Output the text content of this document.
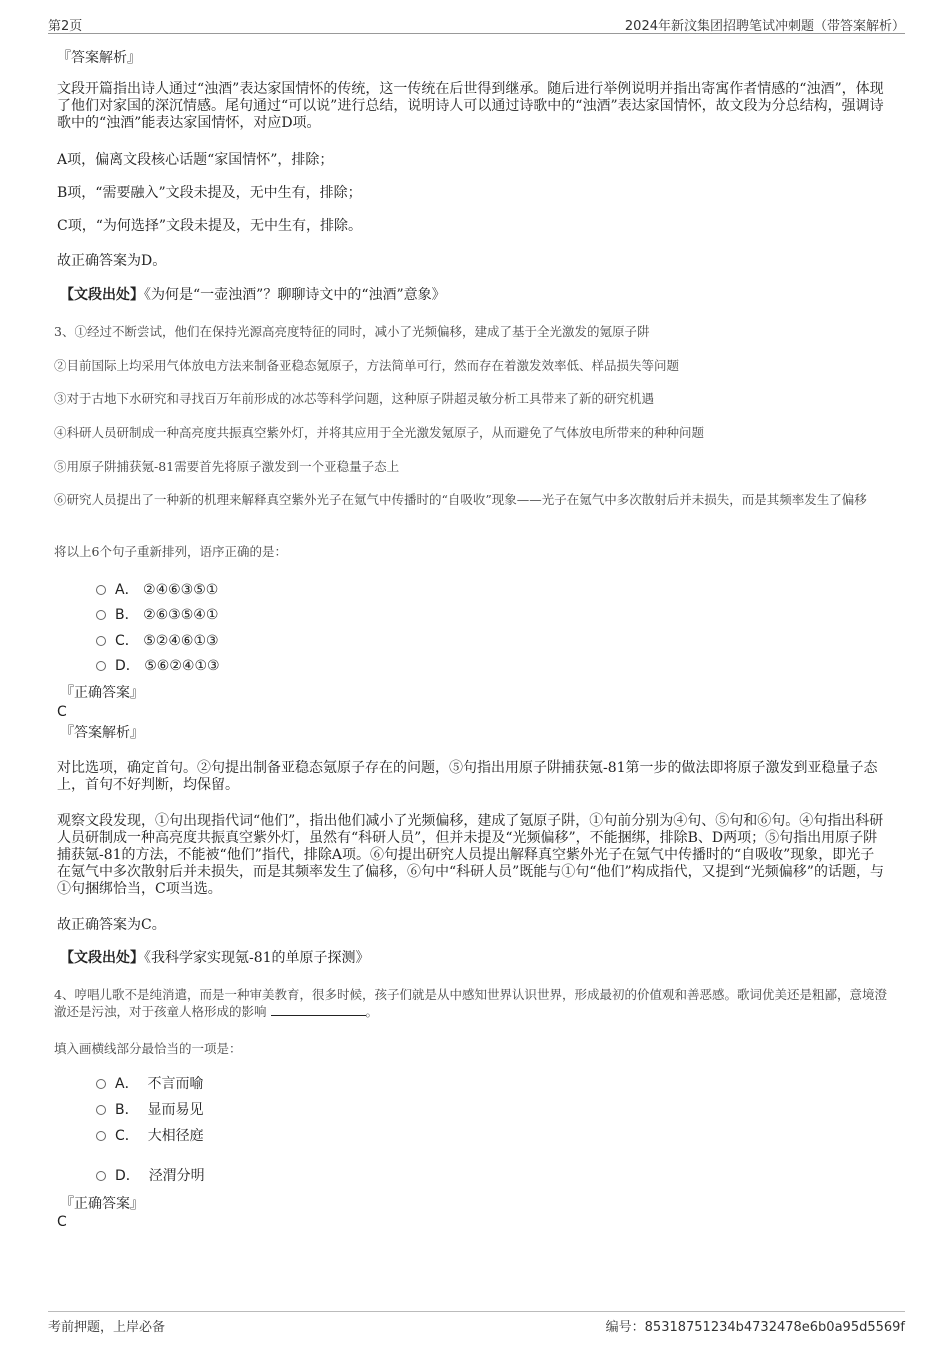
第2页	2024年新汶集团招聘笔试冲刺题（带答案解析）
『答案解析』
文段开篇指出诗人通过“浊酒”表达家国情怀的传统，这一传统在后世得到继承。随后进行举例说明并指出寄寓作者情感的“浊酒”，体现了他们对家国的深沉情感。尾句通过“可以说”进行总结，说明诗人可以通过诗歌中的“浊酒”表达家国情怀，故文段为分总结构，强调诗歌中的“浊酒”能表达家国情怀，对应D项。
A项，偏离文段核心话题“家国情怀”，排除；
B项，“需要融入”文段未提及，无中生有，排除；
C项，“为何选择”文段未提及，无中生有，排除。
故正确答案为D。
【文段出处】《为何是“一壶浊酒”？聊聊诗文中的“浊酒”意象》
3、①经过不断尝试，他们在保持光源高亮度特征的同时，减小了光频偏移，建成了基于全光激发的氪原子阱
②目前国际上均采用气体放电方法来制备亚稳态氪原子，方法简单可行，然而存在着激发效率低、样品损失等问题
③对于古地下水研究和寻找百万年前形成的冰芯等科学问题，这种原子阱超灵敏分析工具带来了新的研究机遇
④科研人员研制成一种高亮度共振真空紫外灯，并将其应用于全光激发氪原子，从而避免了气体放电所带来的种种问题
⑤用原子阱捕获氪-81需要首先将原子激发到一个亚稳量子态上
⑥研究人员提出了一种新的机理来解释真空紫外光子在氪气中传播时的“自吸收”现象——光子在氪气中多次散射后并未损失，而是其频率发生了偏移
将以上6个句子重新排列，语序正确的是：
A． ②④⑥③⑤①
B． ②⑥③⑤④①
C． ⑤②④⑥①③
D． ⑤⑥②④①③
『正确答案』
C
『答案解析』
对比选项，确定首句。②句提出制备亚稳态氪原子存在的问题，⑤句指出用原子阱捕获氪-81第一步的做法即将原子激发到亚稳量子态上，首句不好判断，均保留。
观察文段发现，①句出现指代词“他们”，指出他们减小了光频偏移，建成了氪原子阱，①句前分别为④句、⑤句和⑥句。④句指出科研人员研制成一种高亮度共振真空紫外灯，虽然有“科研人员”，但并未提及“光频偏移”，不能捆绑，排除B、D两项；⑤句指出用原子阱捕获氪-81的方法，不能被“他们”指代，排除A项。⑥句提出研究人员提出解释真空紫外光子在氪气中传播时的“自吸收”现象，即光子在氪气中多次散射后并未损失，而是其频率发生了偏移，⑥句中“科研人员”既能与①句“他们”构成指代，又提到“光频偏移”的话题，与①句捆绑恰当，C项当选。
故正确答案为C。
【文段出处】《我科学家实现氪-81的单原子探测》
4、哼唱儿歌不是纯消遣，而是一种审美教育，很多时候，孩子们就是从中感知世界认识世界，形成最初的价值观和善恶感。歌词优美还是粗鄙，意境澄澈还是污浊，对于孩童人格形成的影响	。
填入画横线部分最恰当的一项是：
A． 不言而喻
B． 显而易见
C． 大相径庭
D． 泾渭分明
『正确答案』
C
考前押题，上岸必备	编号：85318751234b4732478e6b0a95d5569f
